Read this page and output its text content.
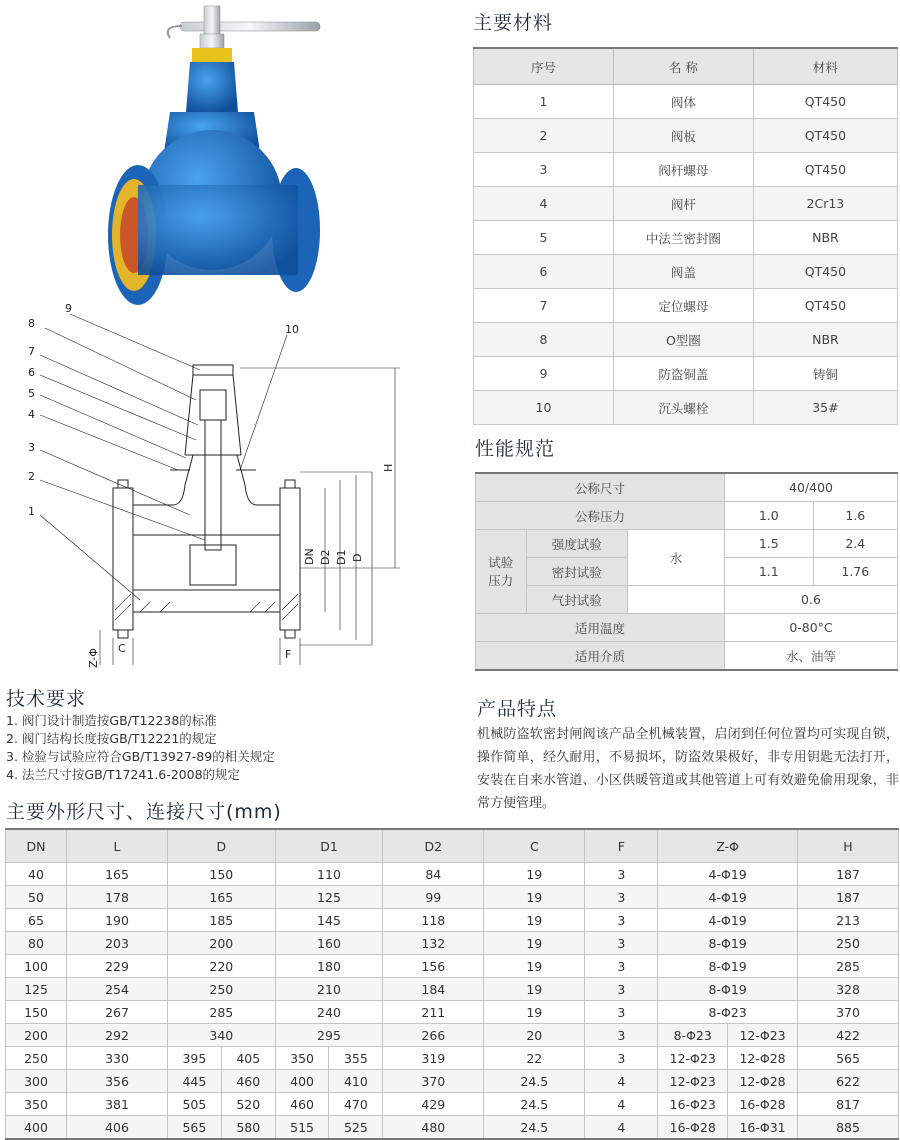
9
8
7
6
5
4
3
2
1
10
H
DN D2 D1 D
Z-Φ C	F
主要材料
序号	名 称	材料
1	阀体	QT450
2	阀板	QT450
3	阀杆螺母	QT450
4	阀杆	2Cr13
5	中法兰密封圈	NBR
6	阀盖	QT450
7	定位螺母	QT450
8	O型圈	NBR
9	防盗铜盖	铸铜
10	沉头螺栓	35#
性能规范
公称尺寸			40/400	
公称压力			1.0	1.6
试验压力	强度试验	水	1.5	2.4
	密封试验		1.1	1.76
	气封试验		0.6	
适用温度			0-80°C	
适用介质			水、油等	
技术要求
1. 阀门设计制造按GB/T12238的标准
2. 阀门结构长度按GB/T12221的规定
3. 检验与试验应符合GB/T13927-89的相关规定
4. 法兰尺寸按GB/T17241.6-2008的规定
产品特点
机械防盗软密封闸阀该产品全机械装置，启闭到任何位置均可实现自锁，操作简单，经久耐用，不易损坏，防盗效果极好，非专用钥匙无法打开，安装在自来水管道、小区供暖管道或其他管道上可有效避免偷用现象，非常方便管理。
主要外形尺寸、连接尺寸(mm)
DN	L	D		D1		D2	C	F	Z-Φ		H
40	165	150		110		84	19	3	4-Φ19		187
50	178	165		125		99	19	3	4-Φ19		187
65	190	185		145		118	19	3	4-Φ19		213
80	203	200		160		132	19	3	8-Φ19		250
100	229	220		180		156	19	3	8-Φ19		285
125	254	250		210		184	19	3	8-Φ19		328
150	267	285		240		211	19	3	8-Φ23		370
200	292	340		295		266	20	3	8-Φ23	12-Φ23	422
250	330	395	405	350	355	319	22	3	12-Φ23	12-Φ28	565
300	356	445	460	400	410	370	24.5	4	12-Φ23	12-Φ28	622
350	381	505	520	460	470	429	24.5	4	16-Φ23	16-Φ28	817
400	406	565	580	515	525	480	24.5	4	16-Φ28	16-Φ31	885
